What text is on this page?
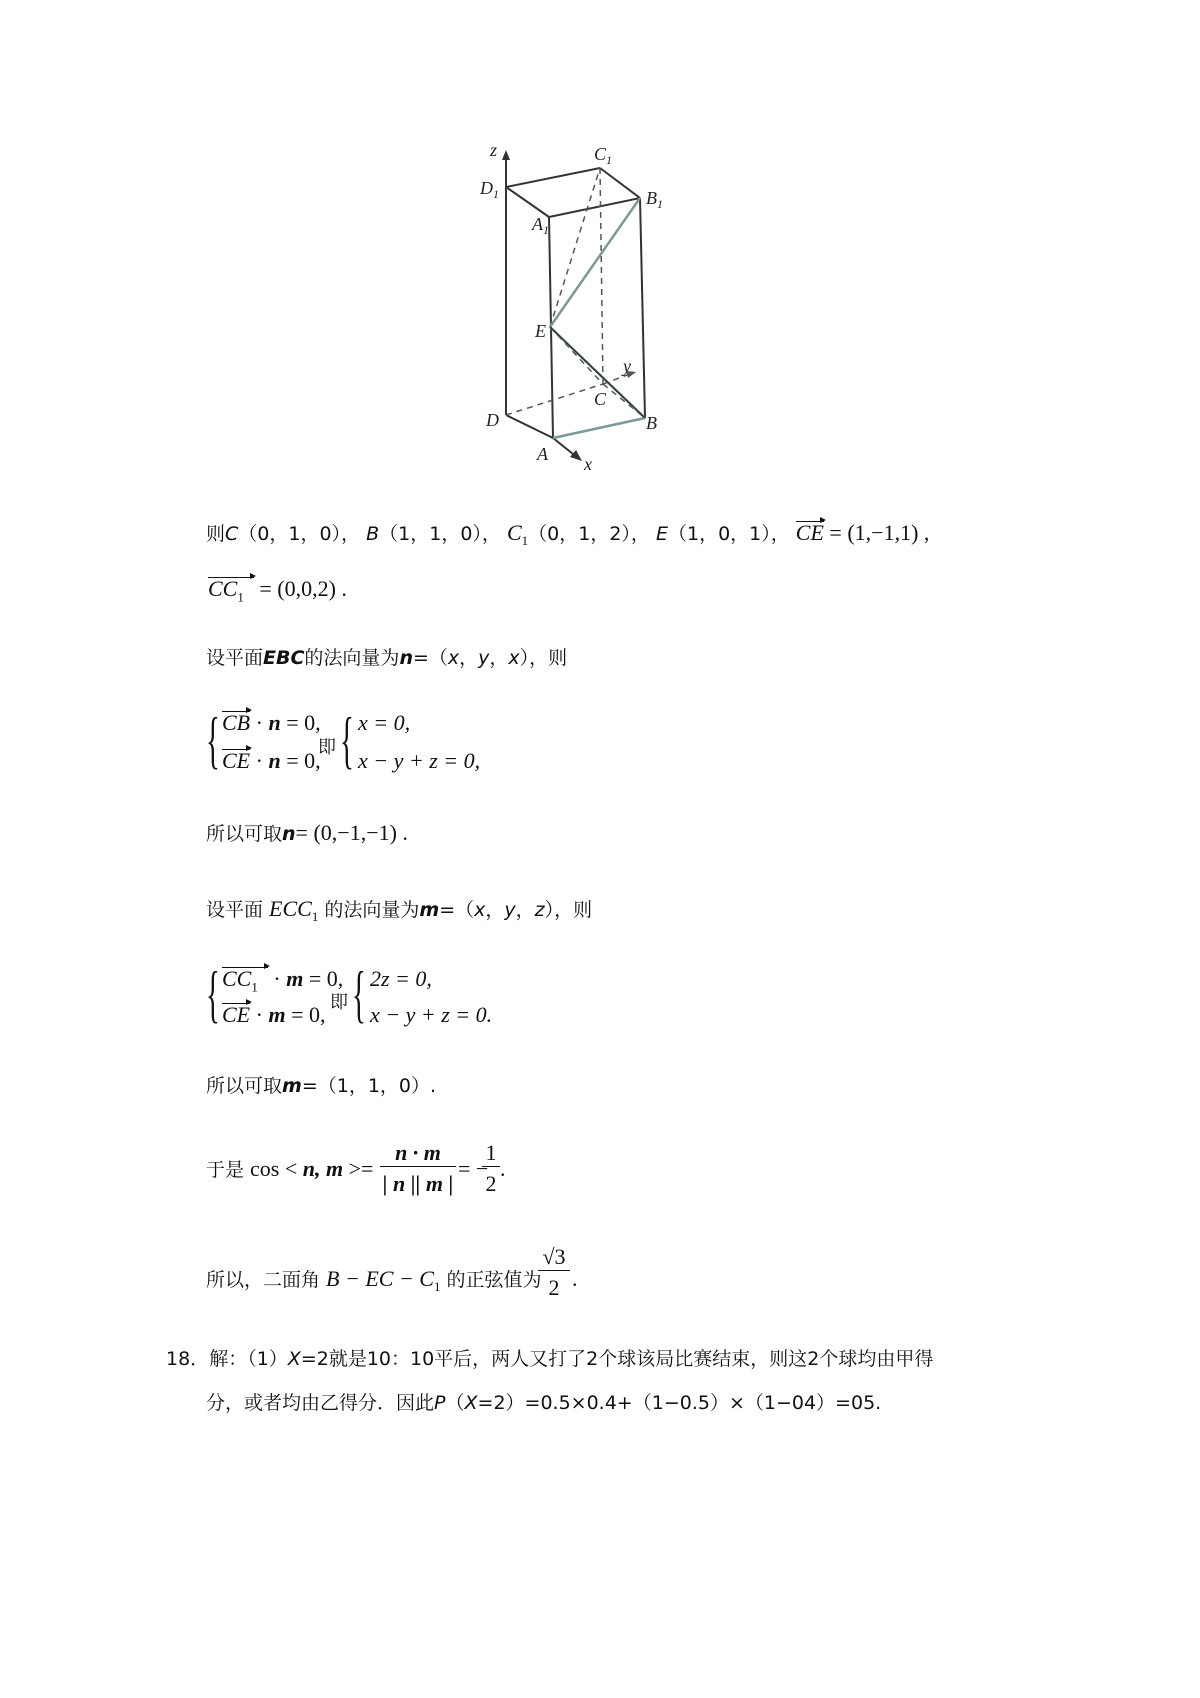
z	$C_1$
$D_1$	$B_1$
$A_1$
E
y
C
D	B
A x
则C（0，1，0）， B（1，1，0）， $C_1(0$，1，2）， E（1，0，1）， CE = (1,−1,1) ,
$CC_1 = (0,0,2)$ .
设平面EBC的法向量为n=（x，y，x），则
{ CB · n = 0,
CE · n = 0,
即 { x = 0,
x − y + z = 0,
所以可取n= (0,−1,−1) .
设平面 $ECC_1$ 的法向量为m=（x，y，z），则
{ $CC_1 \cdot m = 0$,
CE · m = 0, 即 { 2z = 0,
x − y + z = 0.
所以可取m=（1，1，0）.
于是 cos < n, $m >= \frac{n \cdot m}{| n || m |}$ = −
$\frac{1}{2}$ .
所以，二面角 B − EC − $C_1$ 的正弦值为
$\frac{√3}{2}$ .
18．解：（1）X=2就是10：10平后，两人又打了2个球该局比赛结束，则这2个球均由甲得
分，或者均由乙得分．因此P（X=2）=0.5×0.4+（1−0.5）×（1−04）=05.
